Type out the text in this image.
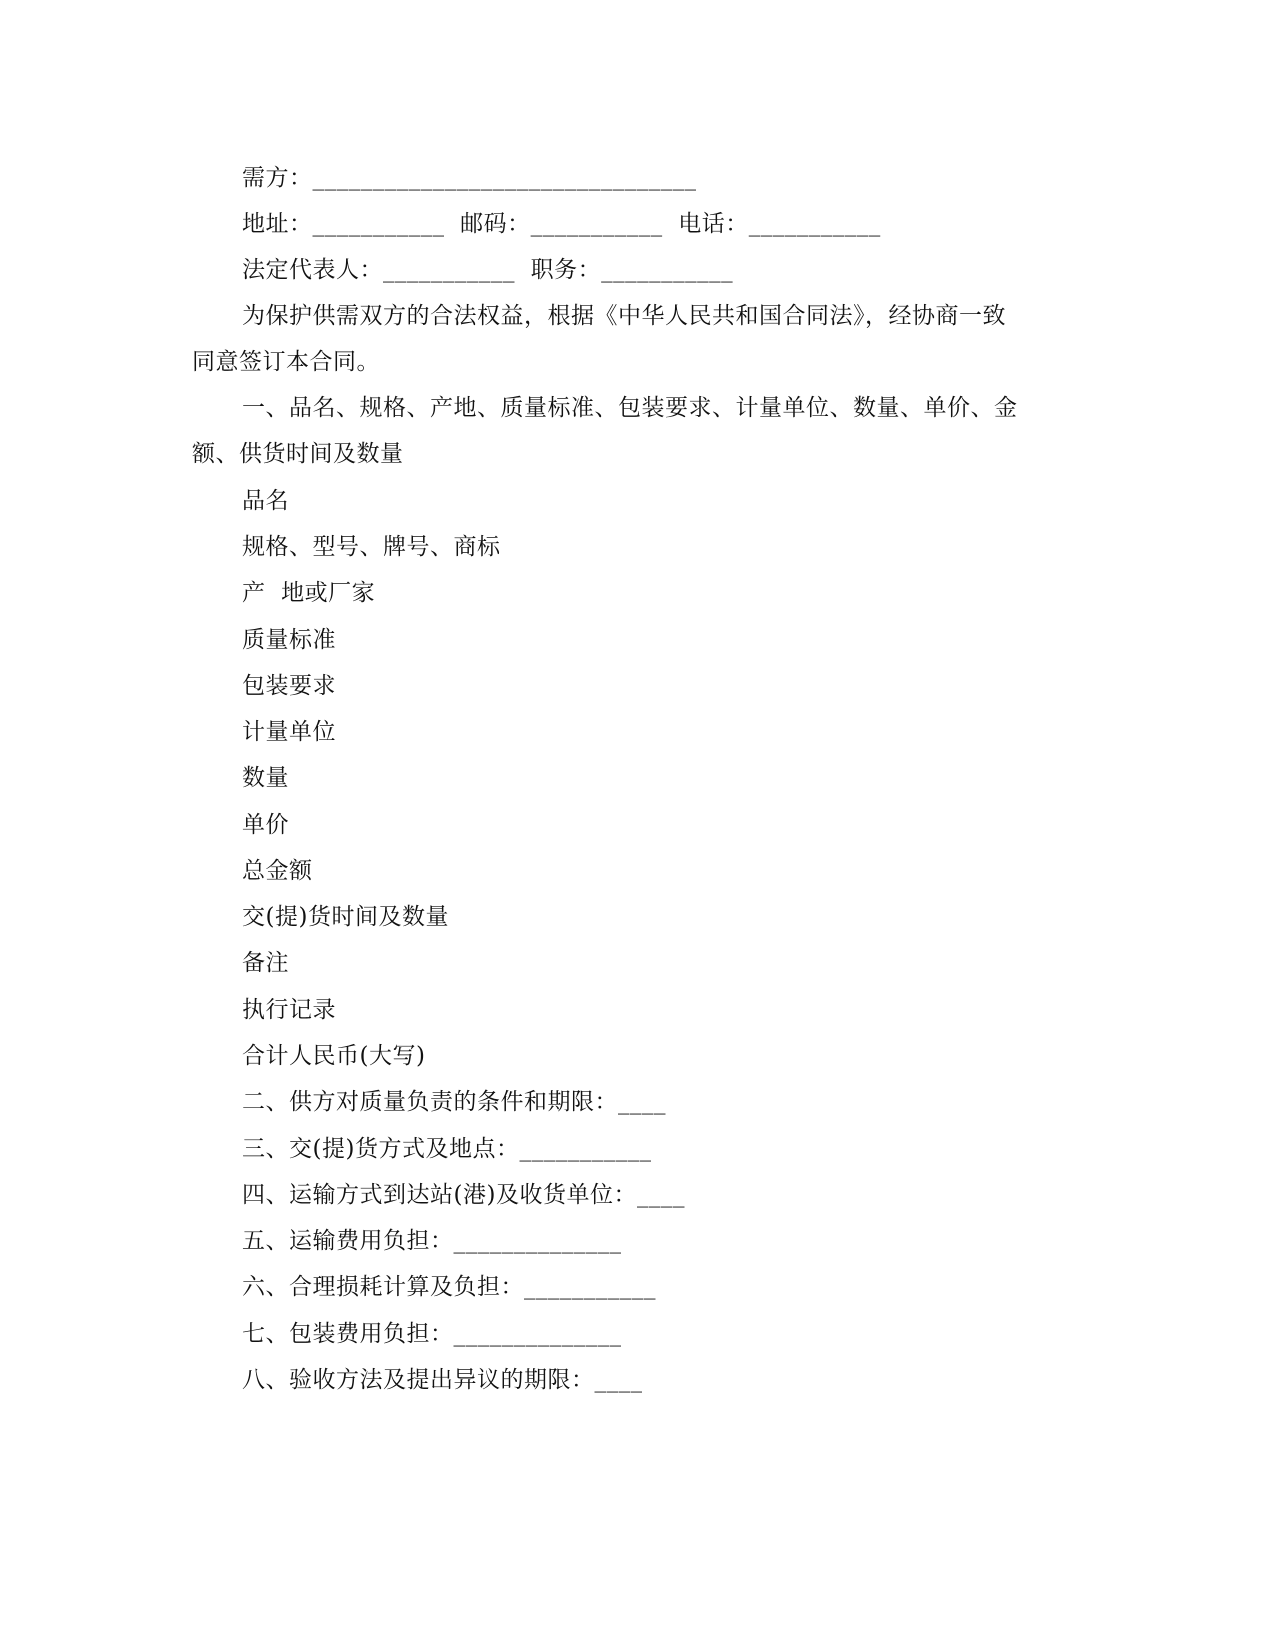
需方：________________________________
地址：___________  邮码：___________  电话：___________
法定代表人：___________  职务：___________
为保护供需双方的合法权益，根据《中华人民共和国合同法》，经协商一致
同意签订本合同。
一、品名、规格、产地、质量标准、包装要求、计量单位、数量、单价、金
额、供货时间及数量
品名
规格、型号、牌号、商标
产  地或厂家
质量标准
包装要求
计量单位
数量
单价
总金额
交(提)货时间及数量
备注
执行记录
合计人民币(大写)
二、供方对质量负责的条件和期限：____
三、交(提)货方式及地点：___________
四、运输方式到达站(港)及收货单位：____
五、运输费用负担：______________
六、合理损耗计算及负担：___________
七、包装费用负担：______________
八、验收方法及提出异议的期限：____
